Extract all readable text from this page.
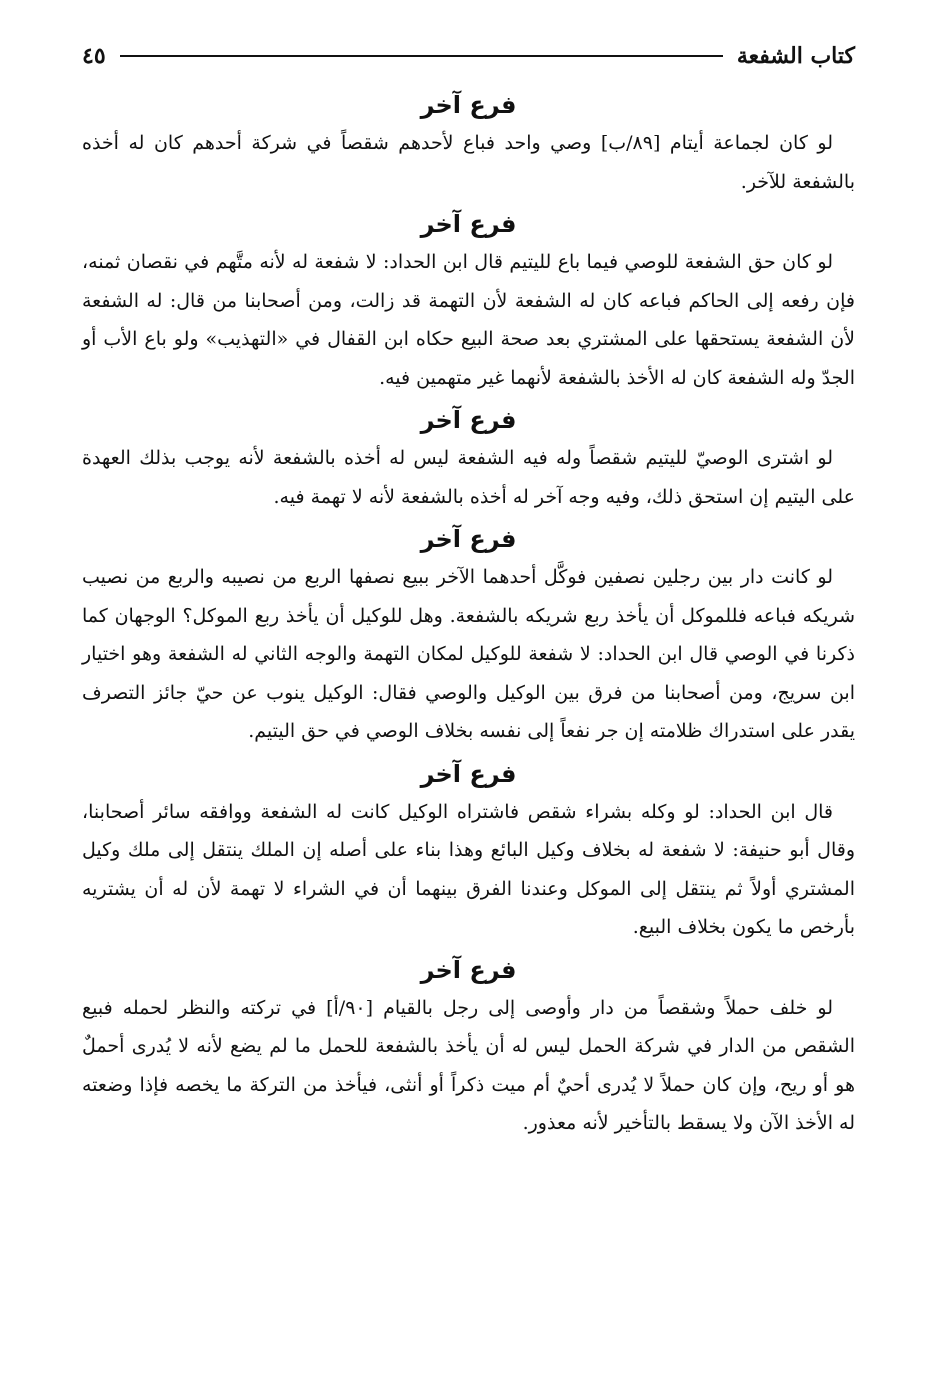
كتاب الشفعة
٤٥
فرع آخر

لو كان لجماعة أيتام [٨٩/ب] وصي واحد فباع لأحدهم شقصاً في شركة أحدهم كان له أخذه بالشفعة للآخر.

فرع آخر

لو كان حق الشفعة للوصي فيما باع لليتيم قال ابن الحداد: لا شفعة له لأنه متَّهم في نقصان ثمنه، فإن رفعه إلى الحاكم فباعه كان له الشفعة لأن التهمة قد زالت، ومن أصحابنا من قال: له الشفعة لأن الشفعة يستحقها على المشتري بعد صحة البيع حكاه ابن القفال في «التهذيب» ولو باع الأب أو الجدّ وله الشفعة كان له الأخذ بالشفعة لأنهما غير متهمين فيه.

فرع آخر

لو اشترى الوصيّ لليتيم شقصاً وله فيه الشفعة ليس له أخذه بالشفعة لأنه يوجب بذلك العهدة على اليتيم إن استحق ذلك، وفيه وجه آخر له أخذه بالشفعة لأنه لا تهمة فيه.

فرع آخر

لو كانت دار بين رجلين نصفين فوكَّل أحدهما الآخر ببيع نصفها الربع من نصيبه والربع من نصيب شريكه فباعه فللموكل أن يأخذ ربع شريكه بالشفعة. وهل للوكيل أن يأخذ ربع الموكل؟ الوجهان كما ذكرنا في الوصي قال ابن الحداد: لا شفعة للوكيل لمكان التهمة والوجه الثاني له الشفعة وهو اختيار ابن سريج، ومن أصحابنا من فرق بين الوكيل والوصي فقال: الوكيل ينوب عن حيّ جائز التصرف يقدر على استدراك ظلامته إن جر نفعاً إلى نفسه بخلاف الوصي في حق اليتيم.

فرع آخر

قال ابن الحداد: لو وكله بشراء شقص فاشتراه الوكيل كانت له الشفعة ووافقه سائر أصحابنا، وقال أبو حنيفة: لا شفعة له بخلاف وكيل البائع وهذا بناء على أصله إن الملك ينتقل إلى ملك وكيل المشتري أولاً ثم ينتقل إلى الموكل وعندنا الفرق بينهما أن في الشراء لا تهمة لأن له أن يشتريه بأرخص ما يكون بخلاف البيع.

فرع آخر

لو خلف حملاً وشقصاً من دار وأوصى إلى رجل بالقيام [٩٠/أ] في تركته والنظر لحمله فبيع الشقص من الدار في شركة الحمل ليس له أن يأخذ بالشفعة للحمل ما لم يضع لأنه لا يُدرى أحملٌ هو أو ريح، وإن كان حملاً لا يُدرى أحيٌ أم ميت ذكراً أو أنثى، فيأخذ من التركة ما يخصه فإذا وضعته له الأخذ الآن ولا يسقط بالتأخير لأنه معذور.
